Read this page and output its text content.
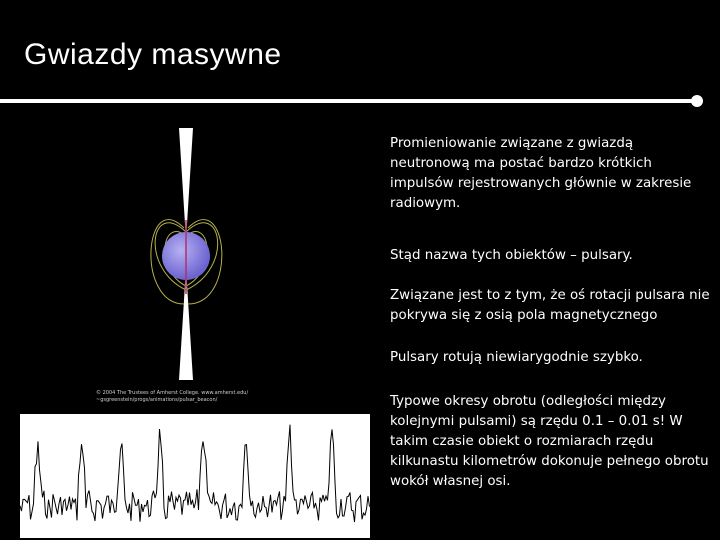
Gwiazdy masywne
© 2004 The Trustees of Amherst College. www.amherst.edu/
~gsgreenstein/progs/animations/pulsar_beacon/

Promieniowanie związane z gwiazdą neutronową ma postać bardzo krótkich impulsów rejestrowanych głównie w zakresie radiowym.

Stąd nazwa tych obiektów – pulsary.

Związane jest to z tym, że oś rotacji pulsara nie pokrywa się z osią pola magnetycznego

Pulsary rotują niewiarygodnie szybko.

Typowe okresy obrotu (odległości między kolejnymi pulsami) są rzędu 0.1 – 0.01 s! W takim czasie obiekt o rozmiarach rzędu kilkunastu kilometrów dokonuje pełnego obrotu wokół własnej osi.
